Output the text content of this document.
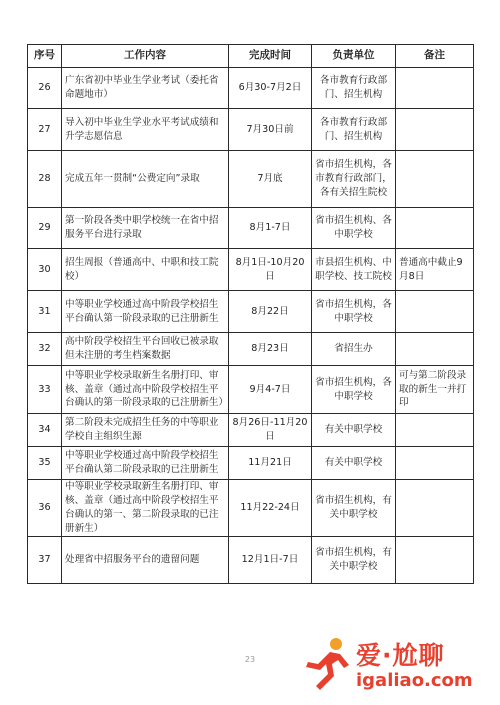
序号	工作内容	完成时间	负责单位	备注
26	广东省初中毕业生学业考试（委托省命题地市）	6月30-7月2日	各市教育行政部门、招生机构	
27	导入初中毕业生学业水平考试成绩和升学志愿信息	7月30日前	各市教育行政部门、招生机构	
28	完成五年一贯制“公费定向”录取	7月底	省市招生机构，各市教育行政部门，各有关招生院校	
29	第一阶段各类中职学校统一在省中招服务平台进行录取	8月1-7日	省市招生机构、各中职学校	
30	招生周报（普通高中、中职和技工院校）	8月1日-10月20日	市县招生机构、中职学校、技工院校	普通高中截止9月8日
31	中等职业学校通过高中阶段学校招生平台确认第一阶段录取的已注册新生	8月22日	省市招生机构，各中职学校	
32	高中阶段学校招生平台回收已被录取但未注册的考生档案数据	8月23日	省招生办	
33	中等职业学校录取新生名册打印、审核、盖章（通过高中阶段学校招生平台确认的第一阶段录取的已注册新生）	9月4-7日	省市招生机构，各中职学校	可与第二阶段录取的新生一并打印
34	第二阶段未完成招生任务的中等职业学校自主组织生源	8月26日-11月20日	有关中职学校	
35	中等职业学校通过高中阶段学校招生平台确认第二阶段录取的已注册新生	11月21日	有关中职学校	
36	中等职业学校录取新生名册打印、审核、盖章（通过高中阶段学校招生平台确认的第一、第二阶段录取的已注册新生）	11月22-24日	省市招生机构，有关中职学校	
37	处理省中招服务平台的遗留问题	12月1日-7日	省市招生机构，有关中职学校	
23	爱·尬聊
igaliao.com
